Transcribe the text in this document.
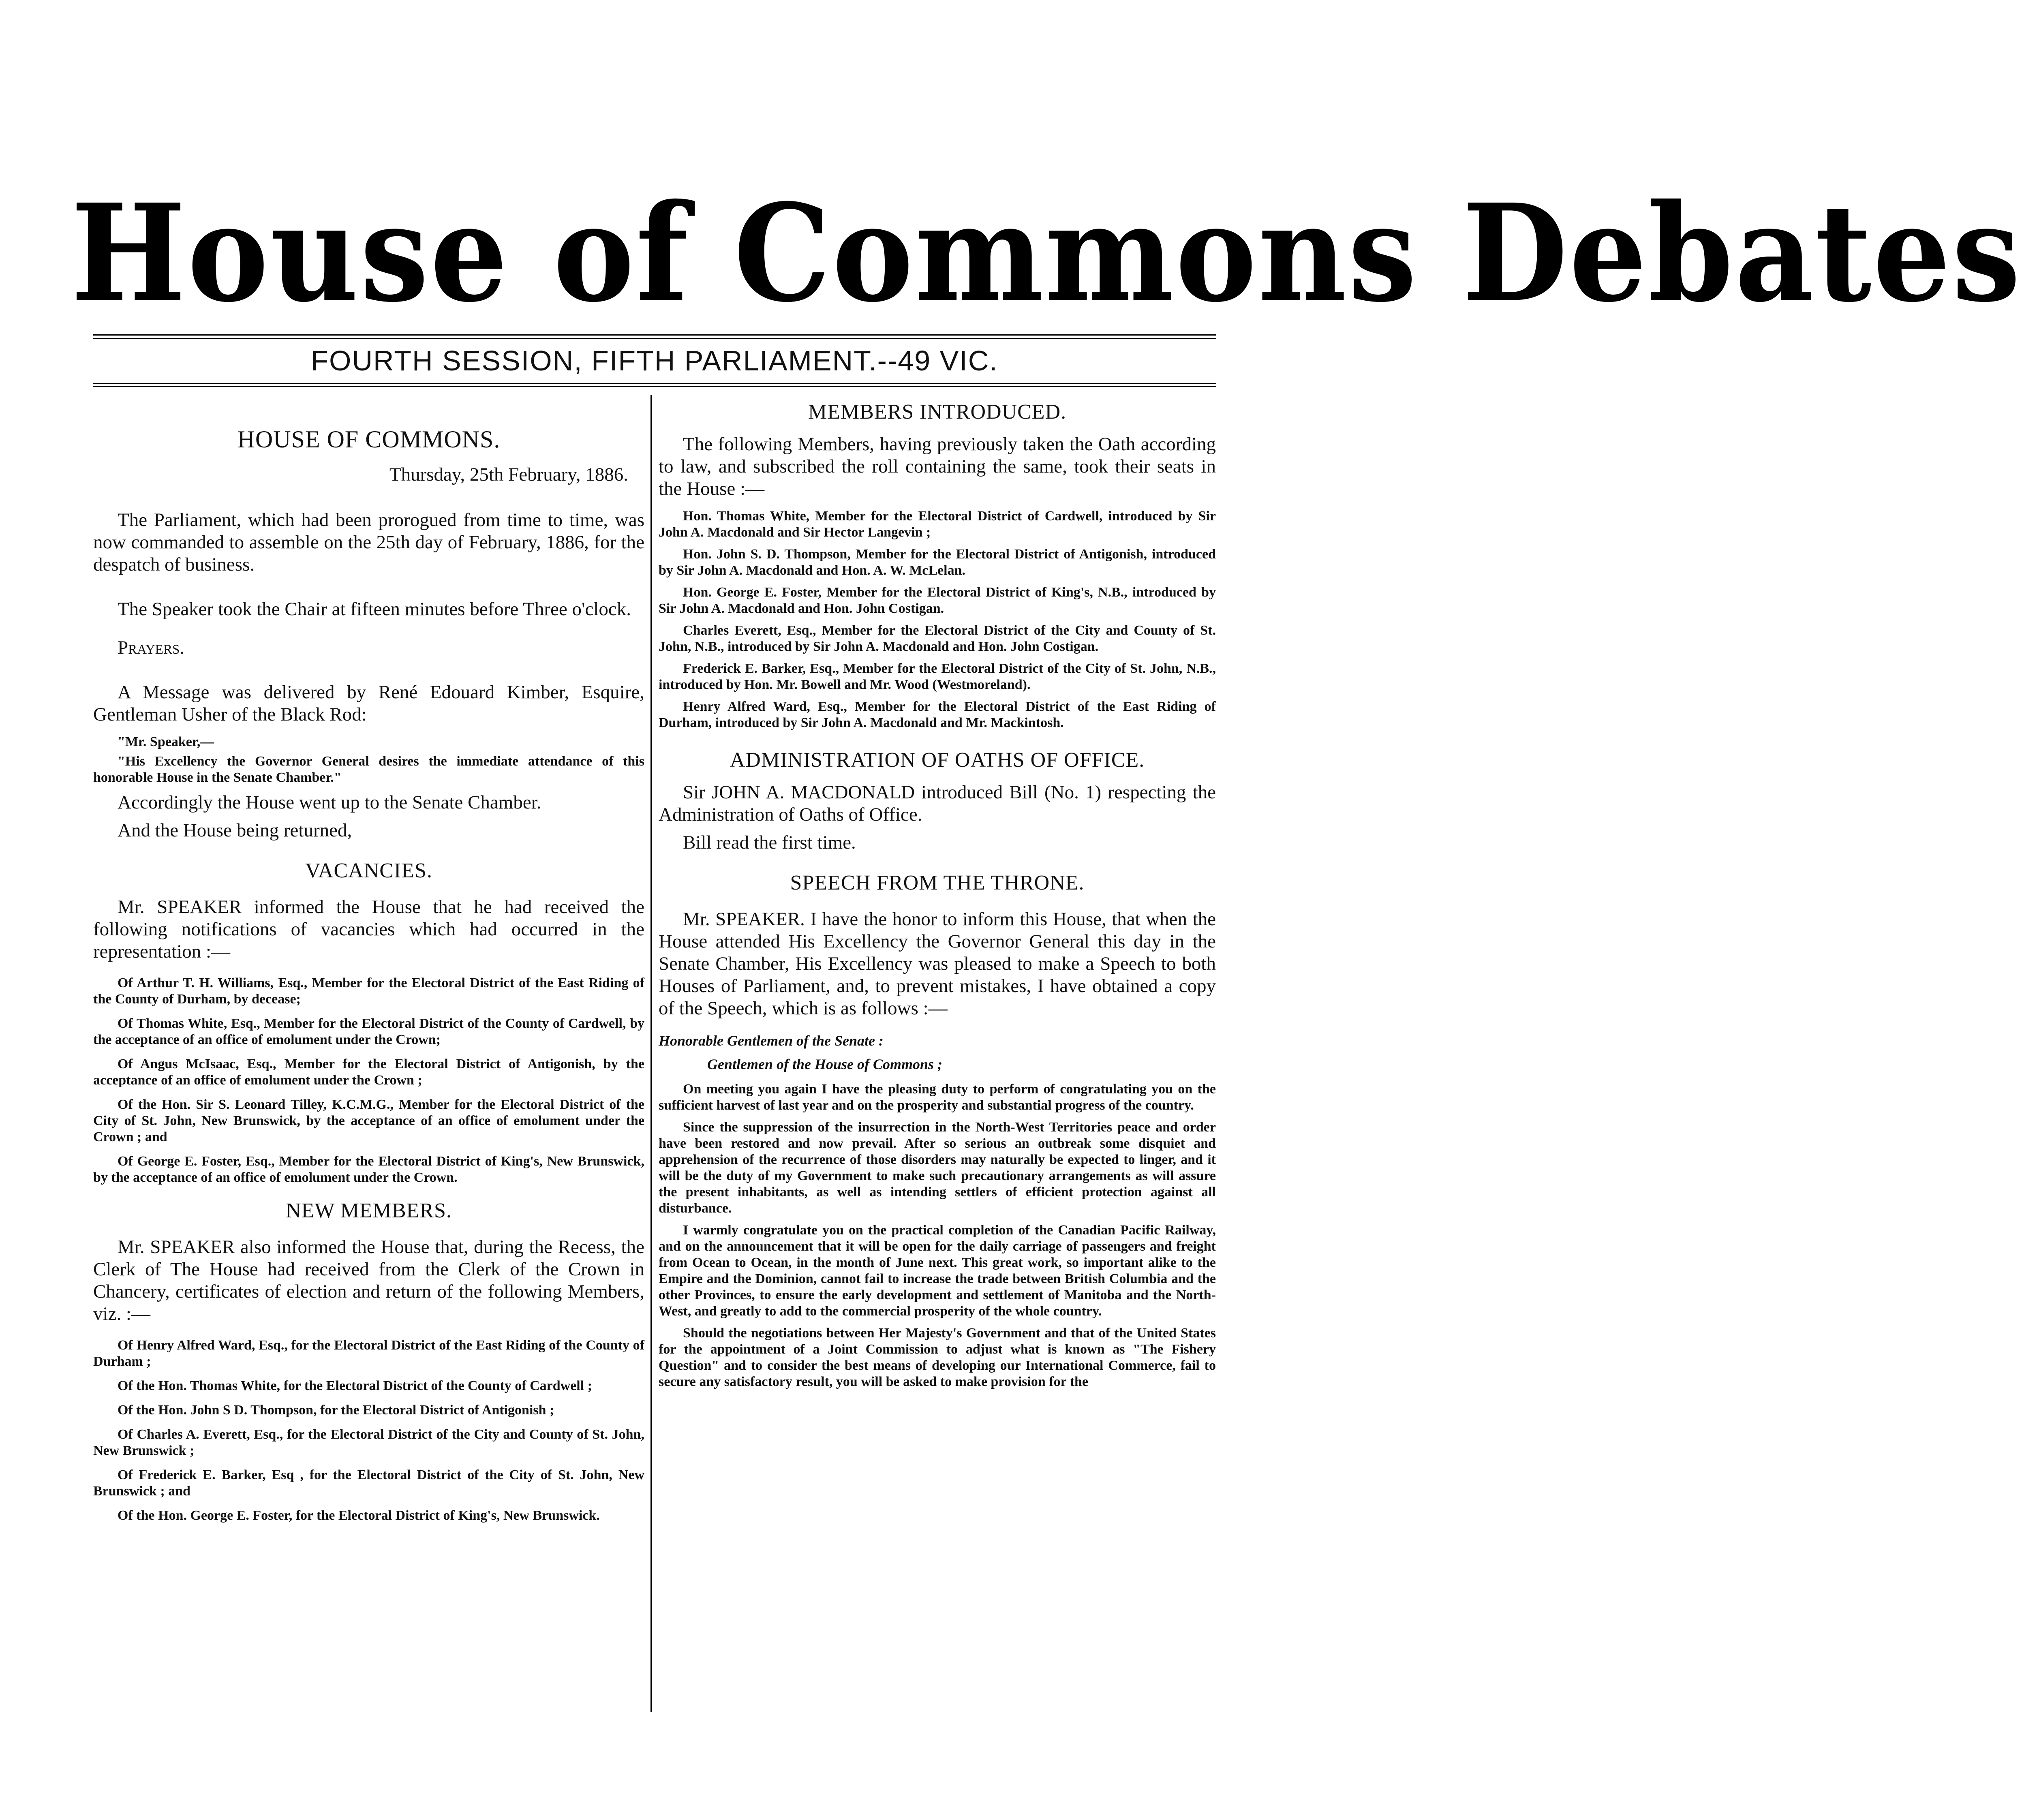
House of Commons Debates
FOURTH SESSION, FIFTH PARLIAMENT.--49 VIC.
HOUSE OF COMMONS.

Thursday, 25th February, 1886.

The Parliament, which had been prorogued from time to time, was now commanded to assemble on the 25th day of February, 1886, for the despatch of business.

The Speaker took the Chair at fifteen minutes before Three o'clock.

Prayers.

A Message was delivered by René Edouard Kimber, Esquire, Gentleman Usher of the Black Rod:

"Mr. Speaker,—

"His Excellency the Governor General desires the immediate attendance of this honorable House in the Senate Chamber."

Accordingly the House went up to the Senate Chamber.

And the House being returned,

VACANCIES.

Mr. SPEAKER informed the House that he had received the following notifications of vacancies which had occurred in the representation :—

Of Arthur T. H. Williams, Esq., Member for the Electoral District of the East Riding of the County of Durham, by decease;

Of Thomas White, Esq., Member for the Electoral District of the County of Cardwell, by the acceptance of an office of emolument under the Crown;

Of Angus McIsaac, Esq., Member for the Electoral District of Antigonish, by the acceptance of an office of emolument under the Crown ;

Of the Hon. Sir S. Leonard Tilley, K.C.M.G., Member for the Electoral District of the City of St. John, New Brunswick, by the acceptance of an office of emolument under the Crown ; and

Of George E. Foster, Esq., Member for the Electoral District of King's, New Brunswick, by the acceptance of an office of emolument under the Crown.

NEW MEMBERS.

Mr. SPEAKER also informed the House that, during the Recess, the Clerk of The House had received from the Clerk of the Crown in Chancery, certificates of election and return of the following Members, viz. :—

Of Henry Alfred Ward, Esq., for the Electoral District of the East Riding of the County of Durham ;

Of the Hon. Thomas White, for the Electoral District of the County of Cardwell ;

Of the Hon. John S D. Thompson, for the Electoral District of Antigonish ;

Of Charles A. Everett, Esq., for the Electoral District of the City and County of St. John, New Brunswick ;

Of Frederick E. Barker, Esq , for the Electoral District of the City of St. John, New Brunswick ; and

Of the Hon. George E. Foster, for the Electoral District of King's, New Brunswick.

MEMBERS INTRODUCED.

The following Members, having previously taken the Oath according to law, and subscribed the roll containing the same, took their seats in the House :—

Hon. Thomas White, Member for the Electoral District of Cardwell, introduced by Sir John A. Macdonald and Sir Hector Langevin ;

Hon. John S. D. Thompson, Member for the Electoral District of Antigonish, introduced by Sir John A. Macdonald and Hon. A. W. McLelan.

Hon. George E. Foster, Member for the Electoral District of King's, N.B., introduced by Sir John A. Macdonald and Hon. John Costigan.

Charles Everett, Esq., Member for the Electoral District of the City and County of St. John, N.B., introduced by Sir John A. Macdonald and Hon. John Costigan.

Frederick E. Barker, Esq., Member for the Electoral District of the City of St. John, N.B., introduced by Hon. Mr. Bowell and Mr. Wood (Westmoreland).

Henry Alfred Ward, Esq., Member for the Electoral District of the East Riding of Durham, introduced by Sir John A. Macdonald and Mr. Mackintosh.

ADMINISTRATION OF OATHS OF OFFICE.

Sir JOHN A. MACDONALD introduced Bill (No. 1) respecting the Administration of Oaths of Office.

Bill read the first time.

SPEECH FROM THE THRONE.

Mr. SPEAKER. I have the honor to inform this House, that when the House attended His Excellency the Governor General this day in the Senate Chamber, His Excellency was pleased to make a Speech to both Houses of Parliament, and, to prevent mistakes, I have obtained a copy of the Speech, which is as follows :—

Honorable Gentlemen of the Senate :

Gentlemen of the House of Commons ;

On meeting you again I have the pleasing duty to perform of congratulating you on the sufficient harvest of last year and on the prosperity and substantial progress of the country.

Since the suppression of the insurrection in the North-West Territories peace and order have been restored and now prevail. After so serious an outbreak some disquiet and apprehension of the recurrence of those disorders may naturally be expected to linger, and it will be the duty of my Government to make such precautionary arrangements as will assure the present inhabitants, as well as intending settlers of efficient protection against all disturbance.

I warmly congratulate you on the practical completion of the Canadian Pacific Railway, and on the announcement that it will be open for the daily carriage of passengers and freight from Ocean to Ocean, in the month of June next. This great work, so important alike to the Empire and the Dominion, cannot fail to increase the trade between British Columbia and the other Provinces, to ensure the early development and settlement of Manitoba and the North-West, and greatly to add to the commercial prosperity of the whole country.

Should the negotiations between Her Majesty's Government and that of the United States for the appointment of a Joint Commission to adjust what is known as "The Fishery Question" and to consider the best means of developing our International Commerce, fail to secure any satisfactory result, you will be asked to make provision for the
